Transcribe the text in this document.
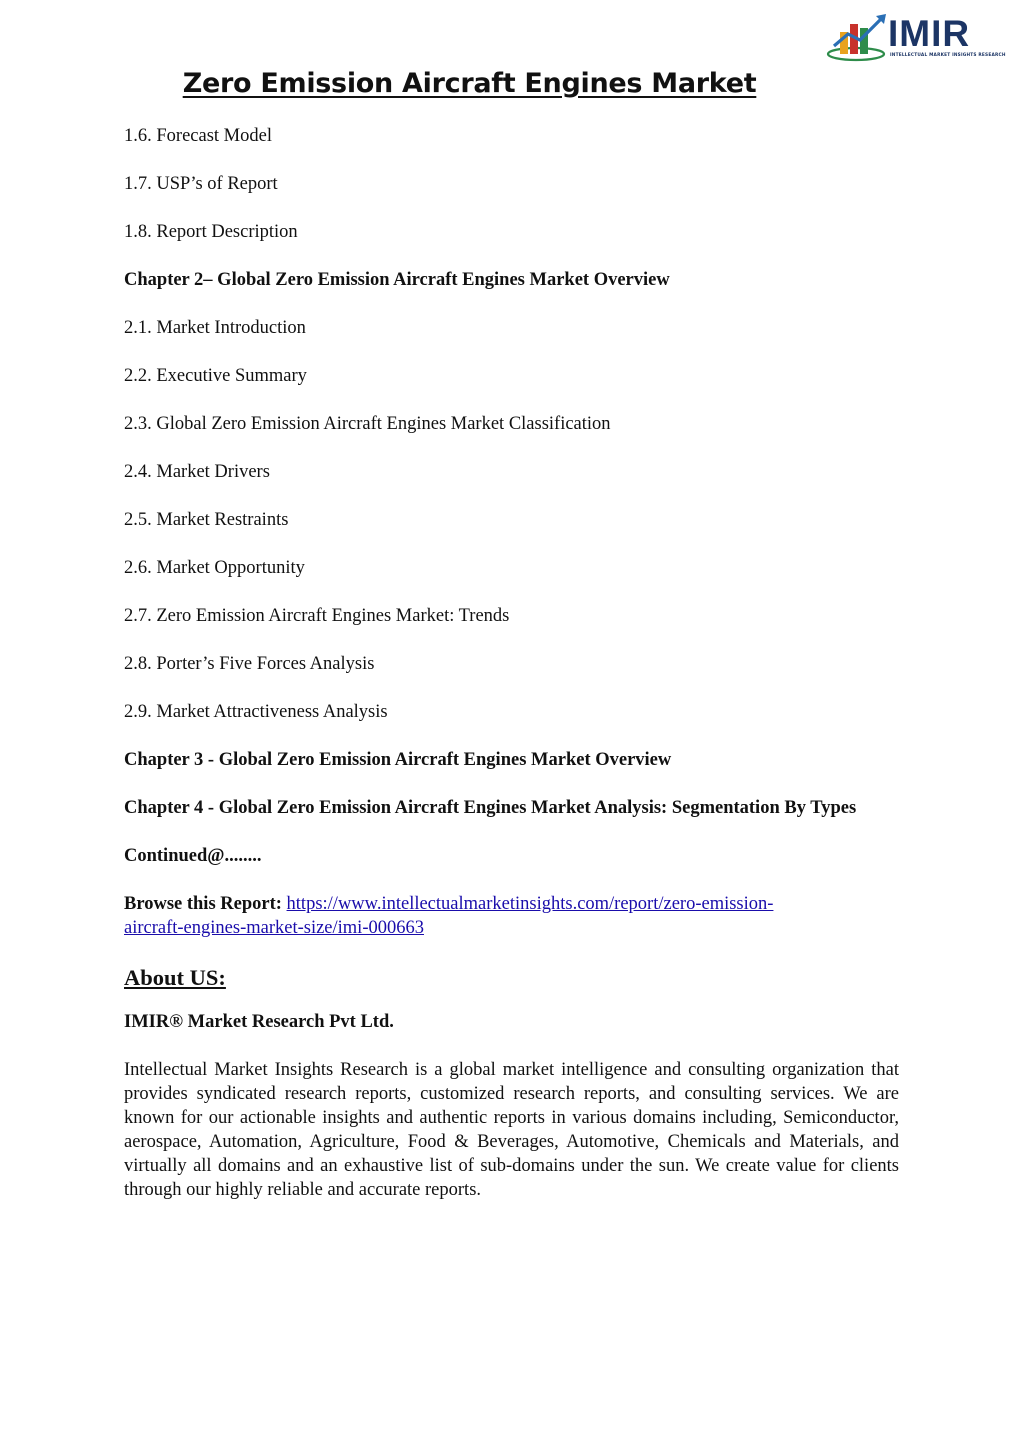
IMIR
INTELLECTUAL MARKET INSIGHTS RESEARCH
Zero Emission Aircraft Engines Market
1.6. Forecast Model
1.7. USP’s of Report
1.8. Report Description
Chapter 2– Global Zero Emission Aircraft Engines Market Overview
2.1. Market Introduction
2.2. Executive Summary
2.3. Global Zero Emission Aircraft Engines Market Classification
2.4. Market Drivers
2.5. Market Restraints
2.6. Market Opportunity
2.7. Zero Emission Aircraft Engines Market: Trends
2.8. Porter’s Five Forces Analysis
2.9. Market Attractiveness Analysis
Chapter 3 - Global Zero Emission Aircraft Engines Market Overview
Chapter 4 - Global Zero Emission Aircraft Engines Market Analysis: Segmentation By Types
Continued@........
Browse this Report: https://www.intellectualmarketinsights.com/report/zero-emission-
aircraft-engines-market-size/imi-000663
About US:
IMIR® Market Research Pvt Ltd.
Intellectual Market Insights Research is a global market intelligence and consulting organization that provides syndicated research reports, customized research reports, and consulting services. We are known for our actionable insights and authentic reports in various domains including, Semiconductor, aerospace, Automation, Agriculture, Food & Beverages, Automotive, Chemicals and Materials, and virtually all domains and an exhaustive list of sub-domains under the sun. We create value for clients through our highly reliable and accurate reports.
